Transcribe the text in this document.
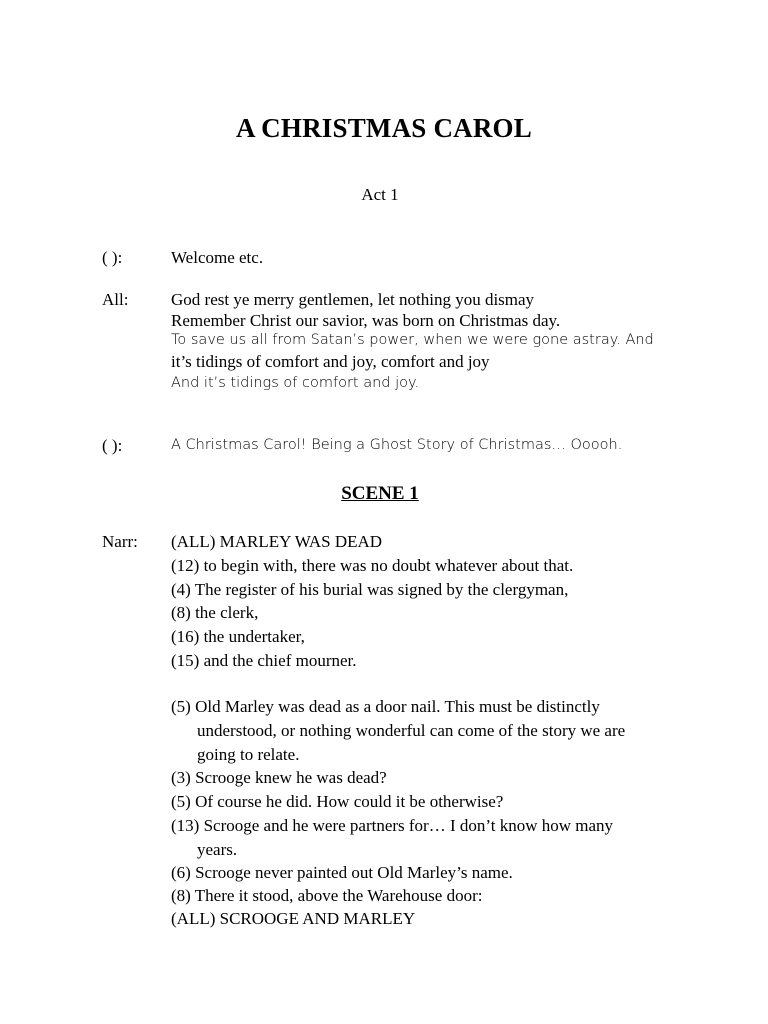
A CHRISTMAS CAROL
Act 1
( ):	Welcome etc.
All:	God rest ye merry gentlemen, let nothing you dismay
Remember Christ our savior, was born on Christmas day.
To save us all from Satan’s power, when we were gone astray. And
it’s tidings of comfort and joy, comfort and joy
And it’s tidings of comfort and joy.
( ):	A Christmas Carol! Being a Ghost Story of Christmas… Ooooh.
SCENE 1
Narr: (ALL) MARLEY WAS DEAD
(12) to begin with, there was no doubt whatever about that.
(4) The register of his burial was signed by the clergyman,
(8) the clerk,
(16) the undertaker,
(15) and the chief mourner.
(5) Old Marley was dead as a door nail. This must be distinctly
understood, or nothing wonderful can come of the story we are
going to relate.
(3) Scrooge knew he was dead?
(5) Of course he did. How could it be otherwise?
(13) Scrooge and he were partners for… I don’t know how many
years.
(6) Scrooge never painted out Old Marley’s name.
(8) There it stood, above the Warehouse door:
(ALL) SCROOGE AND MARLEY
